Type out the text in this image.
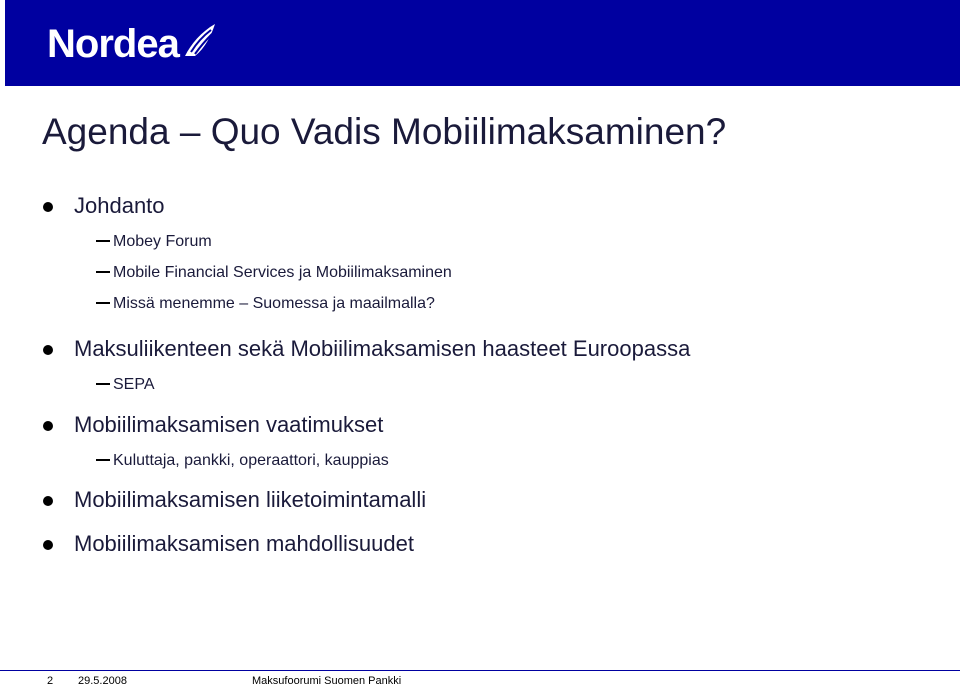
Nordea
Agenda – Quo Vadis Mobiilimaksaminen?
Johdanto
Mobey Forum
Mobile Financial Services ja Mobiilimaksaminen
Missä menemme – Suomessa ja maailmalla?
Maksuliikenteen sekä Mobiilimaksamisen haasteet Euroopassa
SEPA
Mobiilimaksamisen vaatimukset
Kuluttaja, pankki, operaattori, kauppias
Mobiilimaksamisen liiketoimintamalli
Mobiilimaksamisen mahdollisuudet
2 29.5.2008	Maksufoorumi Suomen Pankki
